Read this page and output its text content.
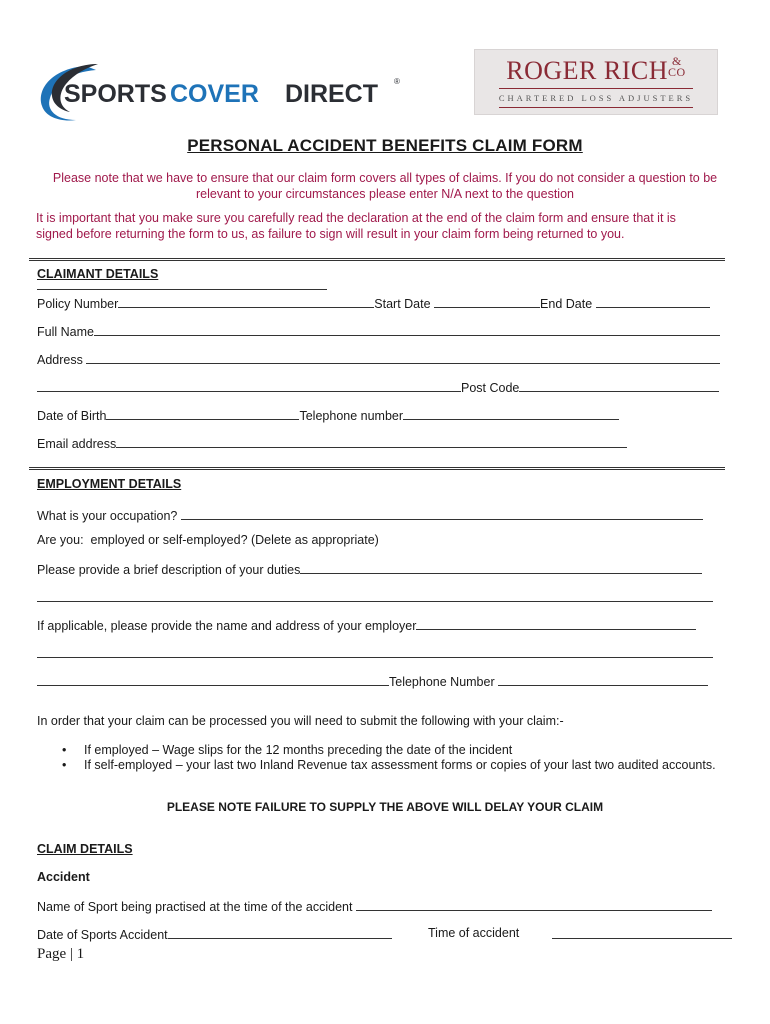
SPORTS COVER DIRECT ®	ROGER RICH &
CO
CHARTERED LOSS ADJUSTERS
PERSONAL ACCIDENT BENEFITS CLAIM FORM
Please note that we have to ensure that our claim form covers all types of claims. If you do not consider a question to be
relevant to your circumstances please enter N/A next to the question
It is important that you make sure you carefully read the declaration at the end of the claim form and ensure that it is
signed before returning the form to us, as failure to sign will result in your claim form being returned to you.
CLAIMANT DETAILS
Policy Number	Start Date	End Date
Full Name
Address
Post Code
Date of Birth	Telephone number
Email address
EMPLOYMENT DETAILS
What is your occupation?
Are you:  employed or self-employed? (Delete as appropriate)
Please provide a brief description of your duties
If applicable, please provide the name and address of your employer
Telephone Number
In order that your claim can be processed you will need to submit the following with your claim:-
• If employed – Wage slips for the 12 months preceding the date of the incident
• If self-employed – your last two Inland Revenue tax assessment forms or copies of your last two audited accounts.
PLEASE NOTE FAILURE TO SUPPLY THE ABOVE WILL DELAY YOUR CLAIM
CLAIM DETAILS
Accident
Name of Sport being practised at the time of the accident
Date of Sports Accident	Time of accident
Page | 1
